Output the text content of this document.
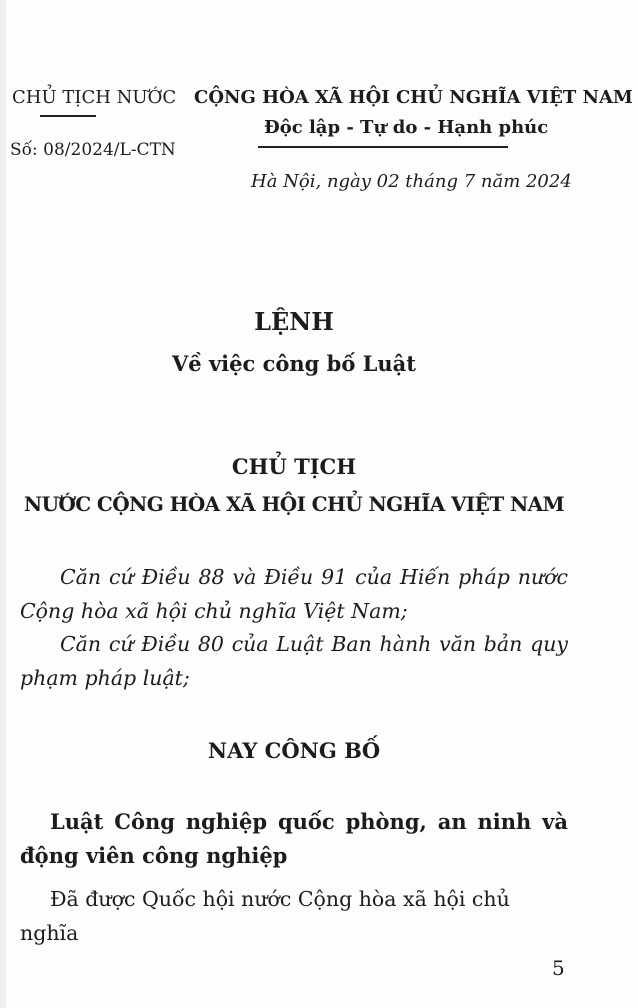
CHỦ TỊCH NƯỚC CỘNG HÒA XÃ HỘI CHỦ NGHĨA VIỆT NAM
Độc lập - Tự do - Hạnh phúc
Số: 08/2024/L-CTN
Hà Nội, ngày 02 tháng 7 năm 2024
LỆNH
Về việc công bố Luật
CHỦ TỊCH
NƯỚC CỘNG HÒA XÃ HỘI CHỦ NGHĨA VIỆT NAM
Căn cứ Điều 88 và Điều 91 của Hiến pháp nước Cộng hòa xã hội chủ nghĩa Việt Nam;
Căn cứ Điều 80 của Luật Ban hành văn bản quy phạm pháp luật;
NAY CÔNG BỐ
Luật Công nghiệp quốc phòng, an ninh và động viên công nghiệp
Đã được Quốc hội nước Cộng hòa xã hội chủ nghĩa
5
